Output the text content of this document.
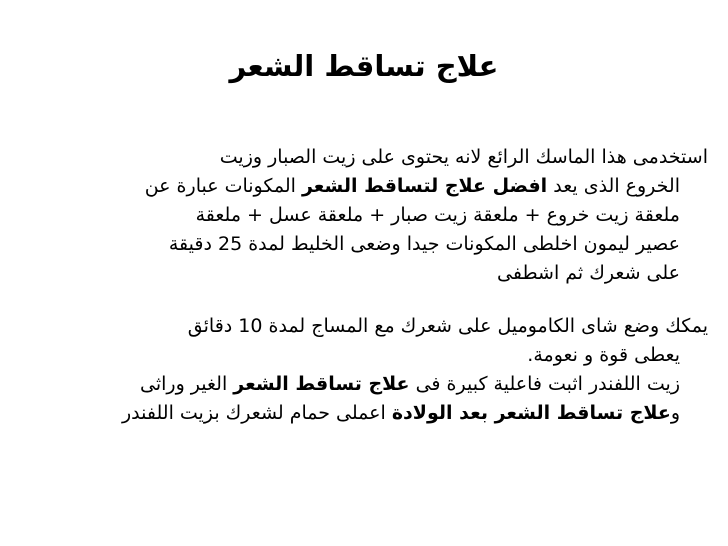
علاج تساقط الشعر
استخدمى هذا الماسك الرائع لانه يحتوى على زيت الصبار وزيت
الخروع الذى يعد افضل علاج لتساقط الشعر المكونات عبارة عن
ملعقة زيت خروع + ملعقة زيت صبار + ملعقة عسل + ملعقة
عصير ليمون اخلطى المكونات جيدا وضعى الخليط لمدة 25 دقيقة
على شعرك ثم اشطفى
يمكك وضع شاى الكاموميل على شعرك مع المساج لمدة 10 دقائق
يعطى قوة و نعومة.
زيت اللفندر اثبت فاعلية كبيرة فى علاج تساقط الشعر الغير وراثى
وعلاج تساقط الشعر بعد الولادة اعملى حمام لشعرك بزيت اللفندر
